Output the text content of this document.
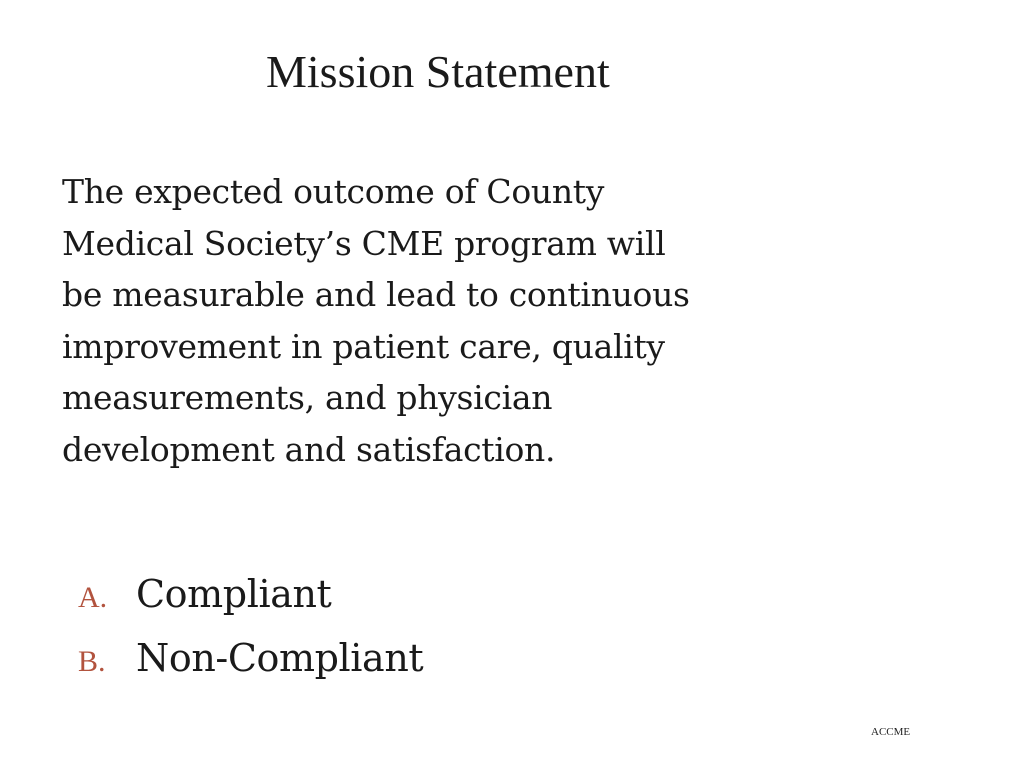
Mission Statement

The expected outcome of County Medical Society’s CME program will be measurable and lead to continuous improvement in patient care, quality measurements, and physician development and satisfaction.

A. Compliant
B. Non-Compliant
ACCME
